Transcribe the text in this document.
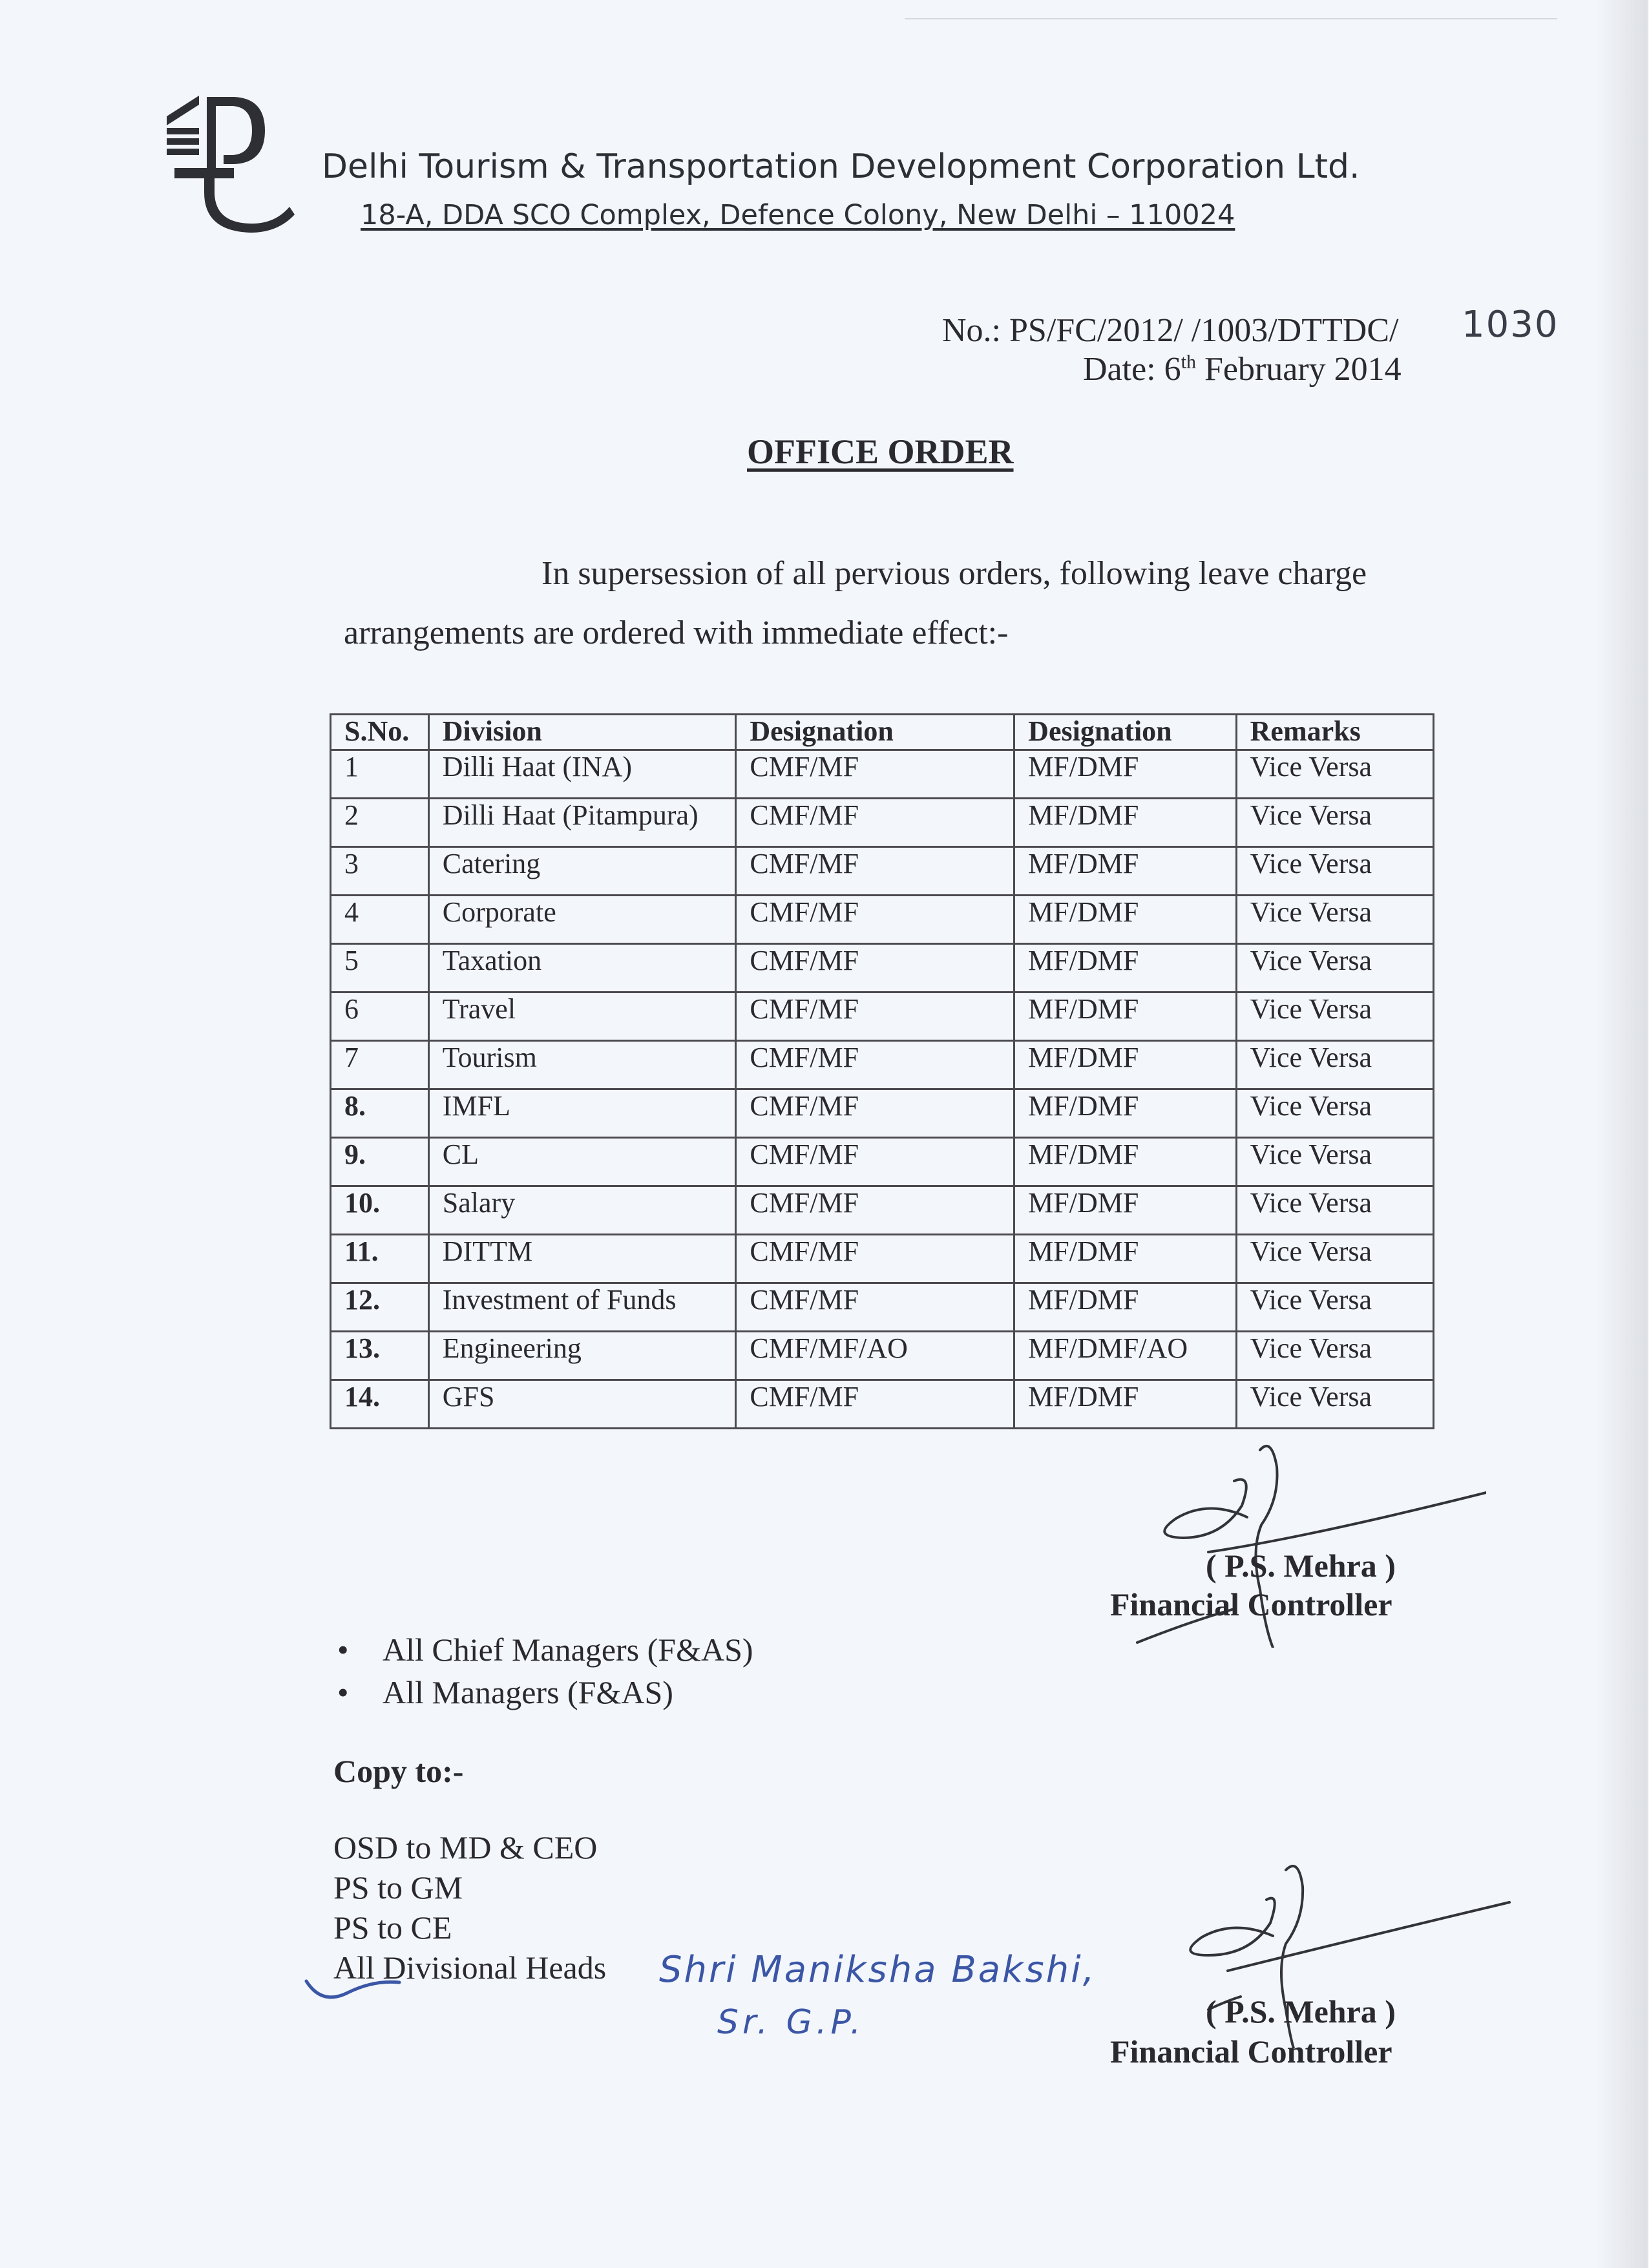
Delhi Tourism & Transportation Development Corporation Ltd.
18-A, DDA SCO Complex, Defence Colony, New Delhi – 110024
No.: PS/FC/2012/ /1003/DTTDC/ 1030
Date: 6th February 2014
OFFICE ORDER
In supersession of all pervious orders, following leave charge
arrangements are ordered with immediate effect:-
S.No.	Division	Designation	Designation	Remarks
1	Dilli Haat (INA)	CMF/MF	MF/DMF	Vice Versa
2	Dilli Haat (Pitampura)	CMF/MF	MF/DMF	Vice Versa
3	Catering	CMF/MF	MF/DMF	Vice Versa
4	Corporate	CMF/MF	MF/DMF	Vice Versa
5	Taxation	CMF/MF	MF/DMF	Vice Versa
6	Travel	CMF/MF	MF/DMF	Vice Versa
7	Tourism	CMF/MF	MF/DMF	Vice Versa
8.	IMFL	CMF/MF	MF/DMF	Vice Versa
9.	CL	CMF/MF	MF/DMF	Vice Versa
10.	Salary	CMF/MF	MF/DMF	Vice Versa
11.	DITTM	CMF/MF	MF/DMF	Vice Versa
12.	Investment of Funds	CMF/MF	MF/DMF	Vice Versa
13.	Engineering	CMF/MF/AO	MF/DMF/AO	Vice Versa
14.	GFS	CMF/MF	MF/DMF	Vice Versa
( P.S. Mehra )
Financial Controller
• All Chief Managers (F&AS)
• All Managers (F&AS)
Copy to:-
OSD to MD & CEO
PS to GM
PS to CE
All Divisional Heads Shri Maniksha Bakshi,
Sr. G.P.	( P.S. Mehra )
Financial Controller
